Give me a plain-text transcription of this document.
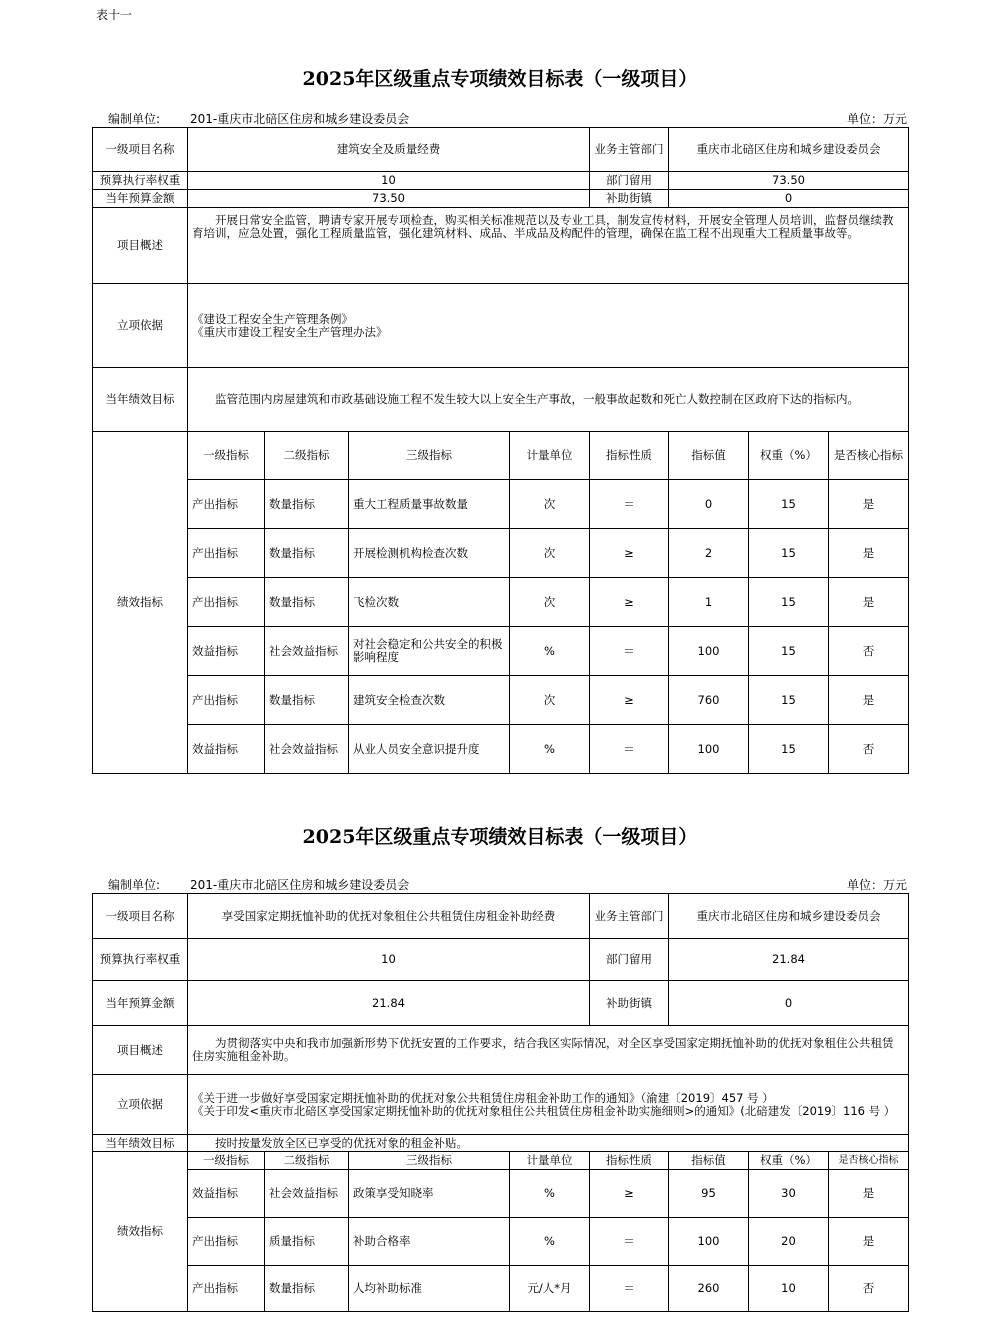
表十一
2025年区级重点专项绩效目标表（一级项目）
编制单位: 201-重庆市北碚区住房和城乡建设委员会	单位：万元
一级项目名称	建筑安全及质量经费				业务主管部门	重庆市北碚区住房和城乡建设委员会		
预算执行率权重	10				部门留用	73.50		
当年预算金额	73.50				补助街镇	0		
项目概述	开展日常安全监管，聘请专家开展专项检查，购买相关标准规范以及专业工具，制发宣传材料，开展安全管理人员培训，监督员继续教育培训，应急处置，强化工程质量监管，强化建筑材料、成品、半成品及构配件的管理，确保在监工程不出现重大工程质量事故等。							
立项依据	《建设工程安全生产管理条例》
《重庆市建设工程安全生产管理办法》							

当年绩效目标	监管范围内房屋建筑和市政基础设施工程不发生较大以上安全生产事故，一般事故起数和死亡人数控制在区政府下达的指标内。							
绩效指标	一级指标	二级指标	三级指标	计量单位	指标性质	指标值	权重（%）	是否核心指标
	产出指标	数量指标	重大工程质量事故数量	次	＝	0	15	是
	产出指标	数量指标	开展检测机构检查次数	次	≥	2	15	是
	产出指标	数量指标	飞检次数	次	≥	1	15	是
	效益指标	社会效益指标	对社会稳定和公共安全的积极影响程度	%	＝	100	15	否
	产出指标	数量指标	建筑安全检查次数	次	≥	760	15	是
	效益指标	社会效益指标	从业人员安全意识提升度	%	＝	100	15	否
2025年区级重点专项绩效目标表（一级项目）
编制单位: 201-重庆市北碚区住房和城乡建设委员会	单位：万元
一级项目名称	享受国家定期抚恤补助的优抚对象租住公共租赁住房租金补助经费				业务主管部门	重庆市北碚区住房和城乡建设委员会		
预算执行率权重	10				部门留用	21.84		
当年预算金额	21.84				补助街镇	0		
项目概述	为贯彻落实中央和我市加强新形势下优抚安置的工作要求，结合我区实际情况，对全区享受国家定期抚恤补助的优抚对象租住公共租赁住房实施租金补助。							
立项依据	《关于进一步做好享受国家定期抚恤补助的优抚对象公共租赁住房租金补助工作的通知》（渝建〔2019〕457 号 ）
《关于印发<重庆市北碚区享受国家定期抚恤补助的优抚对象租住公共租赁住房租金补助实施细则>的通知》(北碚建发〔2019〕116 号 ）							

当年绩效目标	按时按量发放全区已享受的优抚对象的租金补贴。							
绩效指标	一级指标	二级指标	三级指标	计量单位	指标性质	指标值	权重（%）	是否核心指标
	效益指标	社会效益指标	政策享受知晓率	%	≥	95	30	是
	产出指标	质量指标	补助合格率	%	＝	100	20	是
	产出指标	数量指标	人均补助标准	元/人*月	＝	260	10	否
